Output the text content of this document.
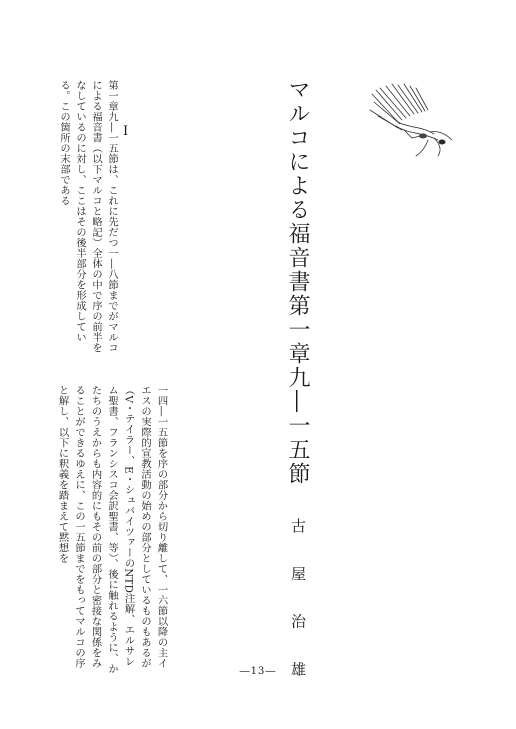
マルコによる福音書第一章九―一五節
I

第一章九―一五節は、これに先だつ一―八節までがマルコによる福音書（以下マルコと略記）全体の中で序の前半をなしているのに対し、ここはその後半部分を形成している。この箇所の末部である

一四―一五節を序の部分から切り離して、一六節以降の主イエスの実際的宣教活動の始めの部分としているものもあるが（V・テイラー、E・シュバイツァーのNTD注解、エルサレム聖書、フランシスコ会訳聖書、等）、後に触れるように、かたちのうえからも内容的にもその前の部分と密接な関係をみることができるゆえに、この一五節までをもってマルコの序と解し、以下に釈義を踏まえて黙想を

古 屋 治 雄
―13―
